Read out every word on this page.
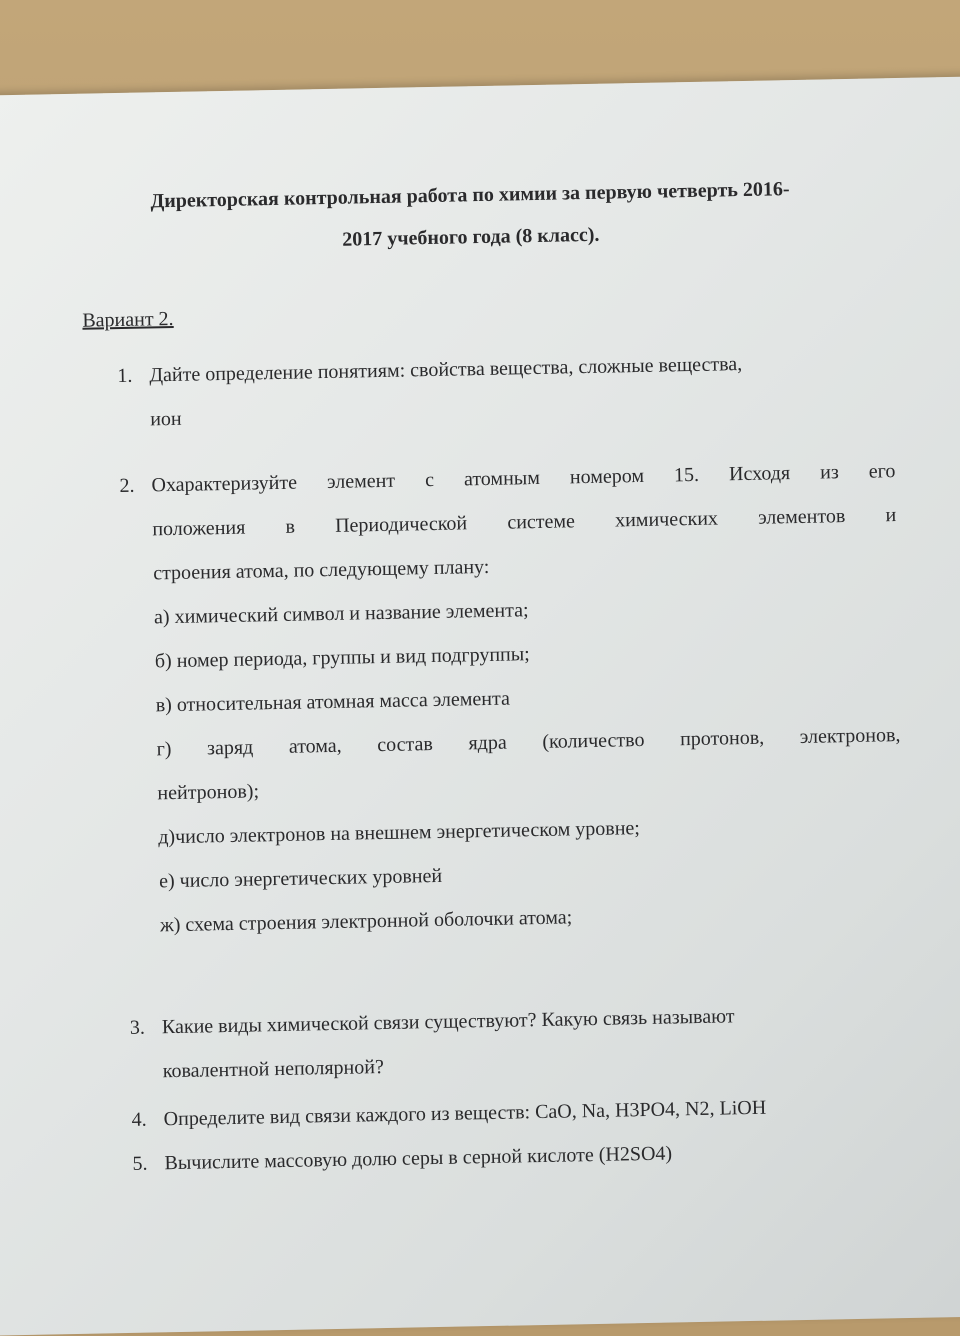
Директорская контрольная работа по химии за первую четверть 2016-
2017 учебного года (8 класс).
Вариант 2.
1. Дайте определение понятиям: свойства вещества, сложные вещества,
ион
2. Охарактеризуйте элемент с атомным номером 15. Исходя из его
положения в Периодической системе химических элементов и
строения атома, по следующему плану:
а) химический символ и название элемента;
б) номер периода, группы и вид подгруппы;
в) относительная атомная масса элемента
г) заряд атома, состав ядра (количество протонов, электронов,
нейтронов);
д)число электронов на внешнем энергетическом уровне;
е) число энергетических уровней
ж) схема строения электронной оболочки атома;
3. Какие виды химической связи существуют? Какую связь называют
ковалентной неполярной?
4. Определите вид связи каждого из веществ: CaO, Na, H3PO4, N2, LiOH
5. Вычислите массовую долю серы в серной кислоте (H2SO4)
